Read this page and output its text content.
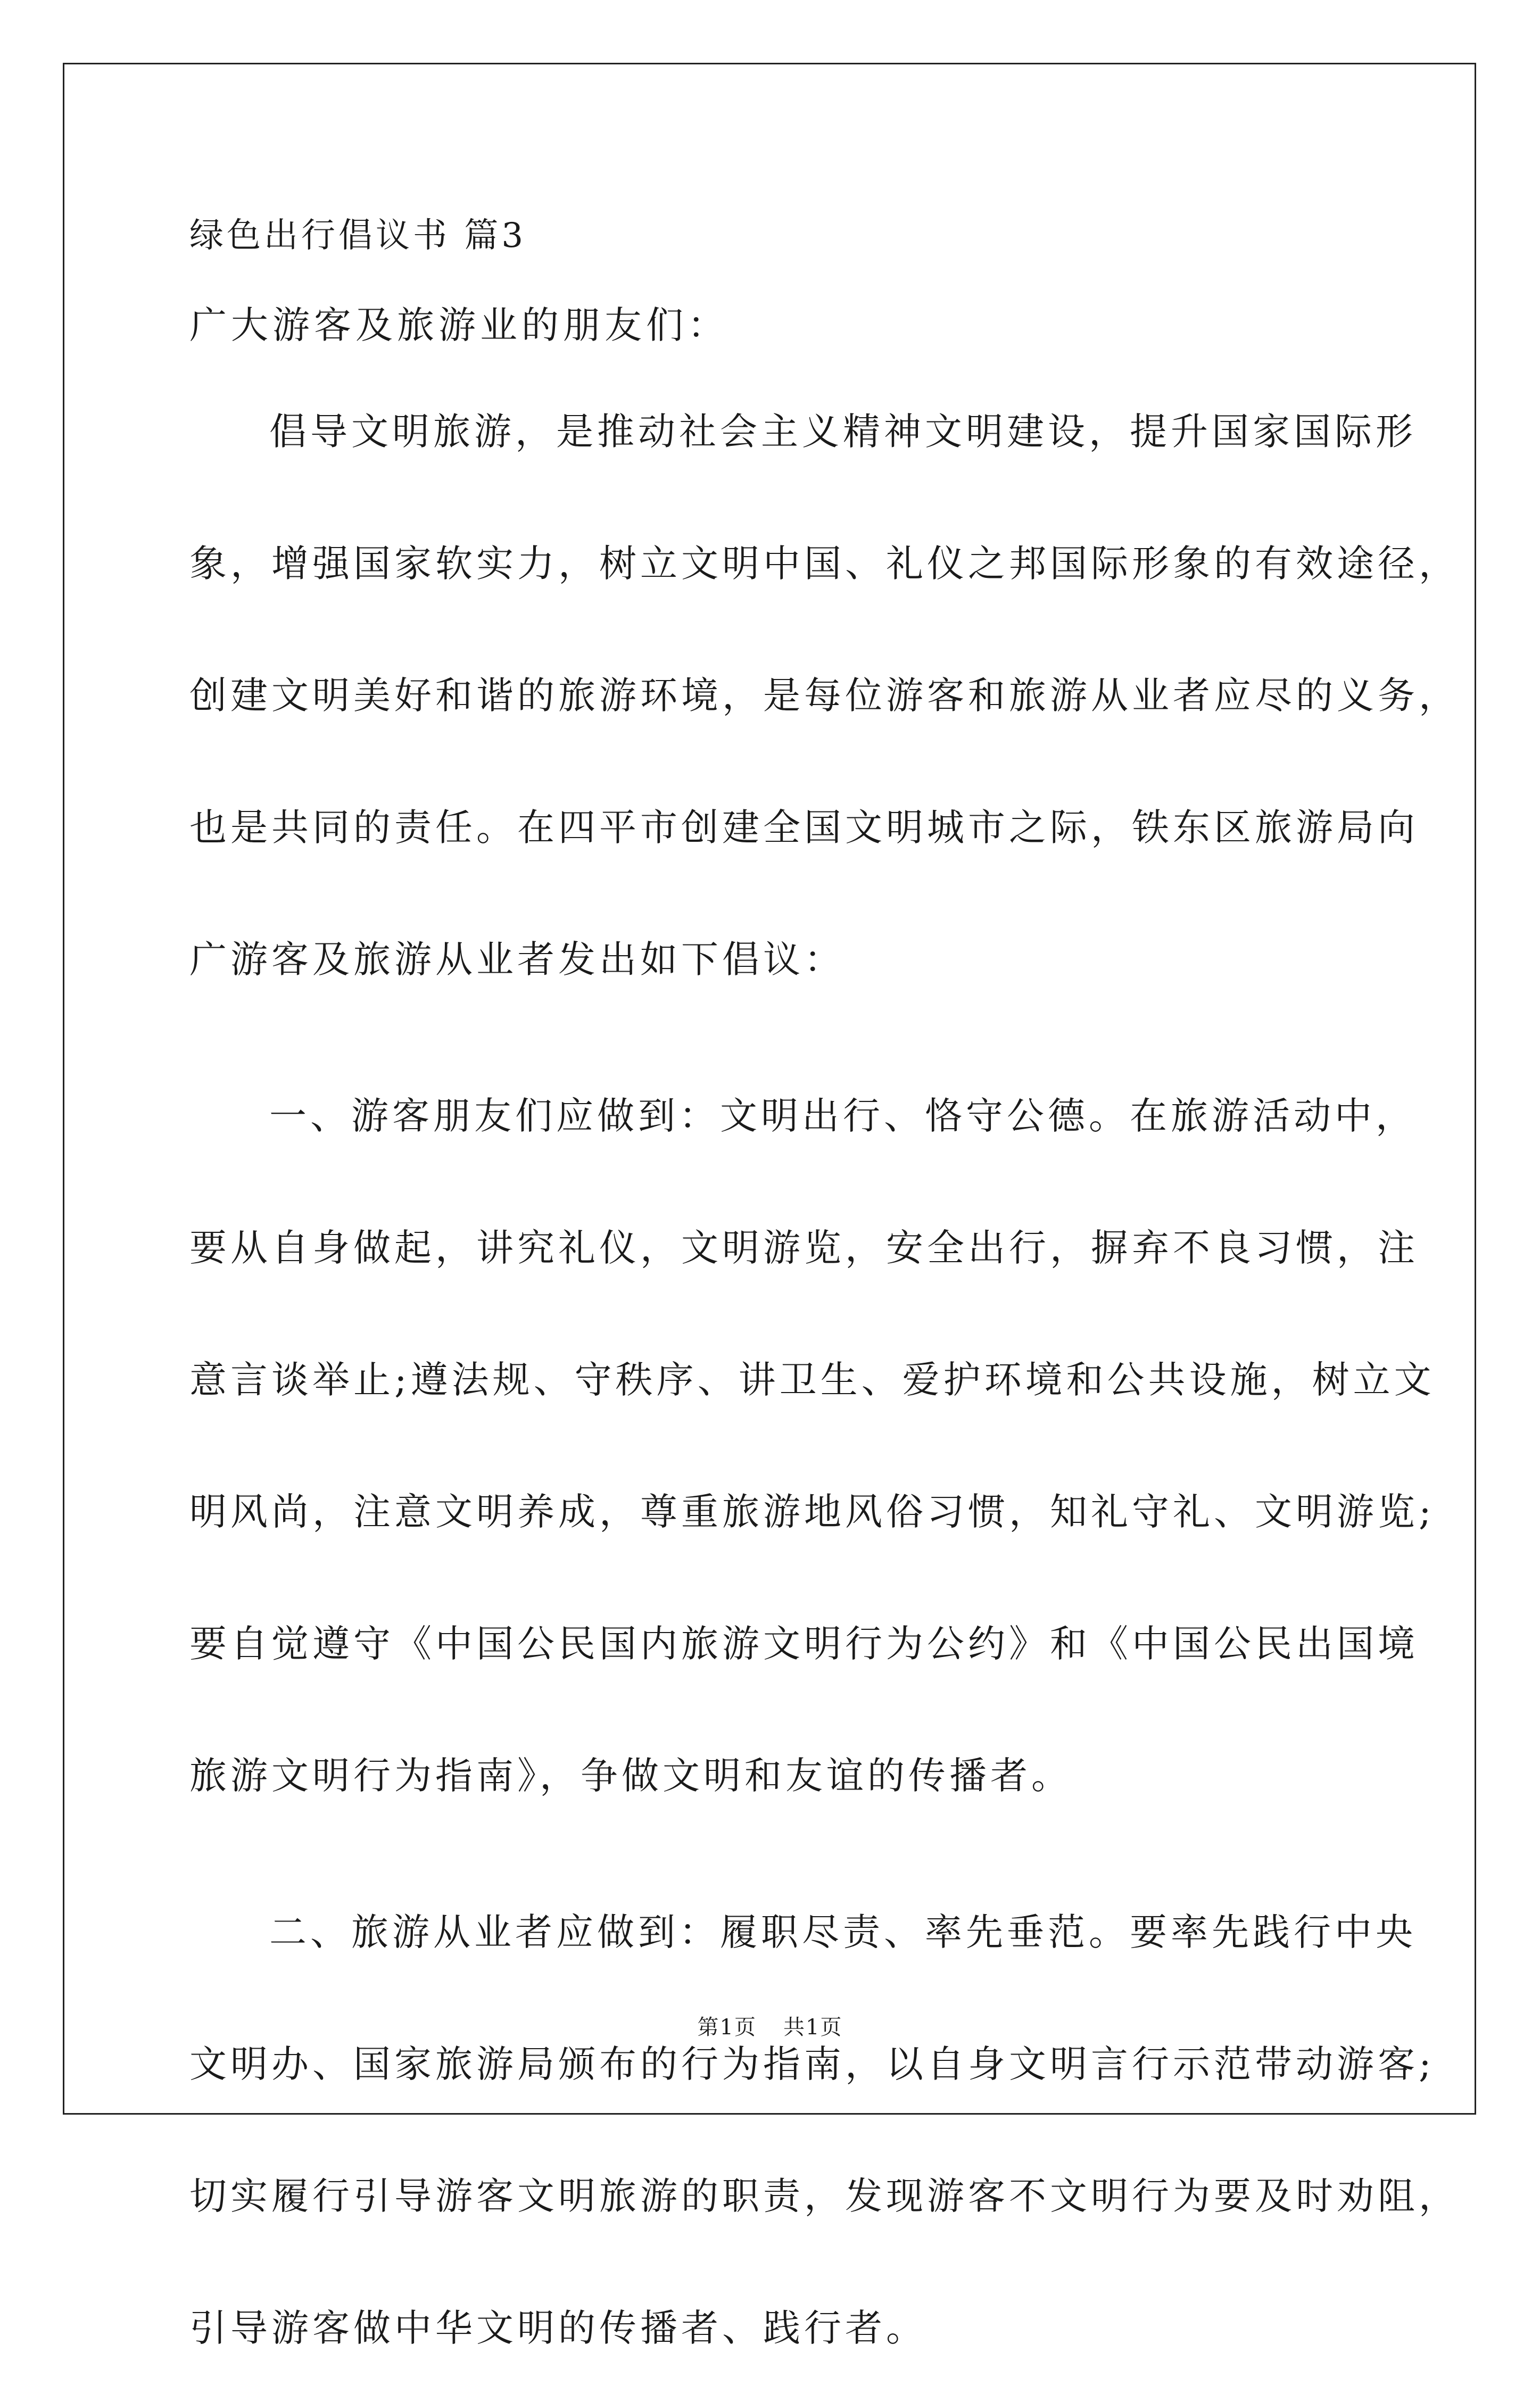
绿色出行倡议书 篇3
广大游客及旅游业的朋友们：
倡导文明旅游，是推动社会主义精神文明建设，提升国家国际形
象，增强国家软实力，树立文明中国、礼仪之邦国际形象的有效途径，
创建文明美好和谐的旅游环境，是每位游客和旅游从业者应尽的义务，
也是共同的责任。在四平市创建全国文明城市之际，铁东区旅游局向
广游客及旅游从业者发出如下倡议：
一、游客朋友们应做到：文明出行、恪守公德。在旅游活动中，
要从自身做起，讲究礼仪，文明游览，安全出行，摒弃不良习惯，注
意言谈举止;遵法规、守秩序、讲卫生、爱护环境和公共设施，树立文
明风尚，注意文明养成，尊重旅游地风俗习惯，知礼守礼、文明游览;
要自觉遵守《中国公民国内旅游文明行为公约》和《中国公民出国境
旅游文明行为指南》，争做文明和友谊的传播者。
二、旅游从业者应做到：履职尽责、率先垂范。要率先践行中央
文明办、国家旅游局颁布的行为指南，以自身文明言行示范带动游客;
切实履行引导游客文明旅游的职责，发现游客不文明行为要及时劝阻，
引导游客做中华文明的传播者、践行者。
第1页 共1页
